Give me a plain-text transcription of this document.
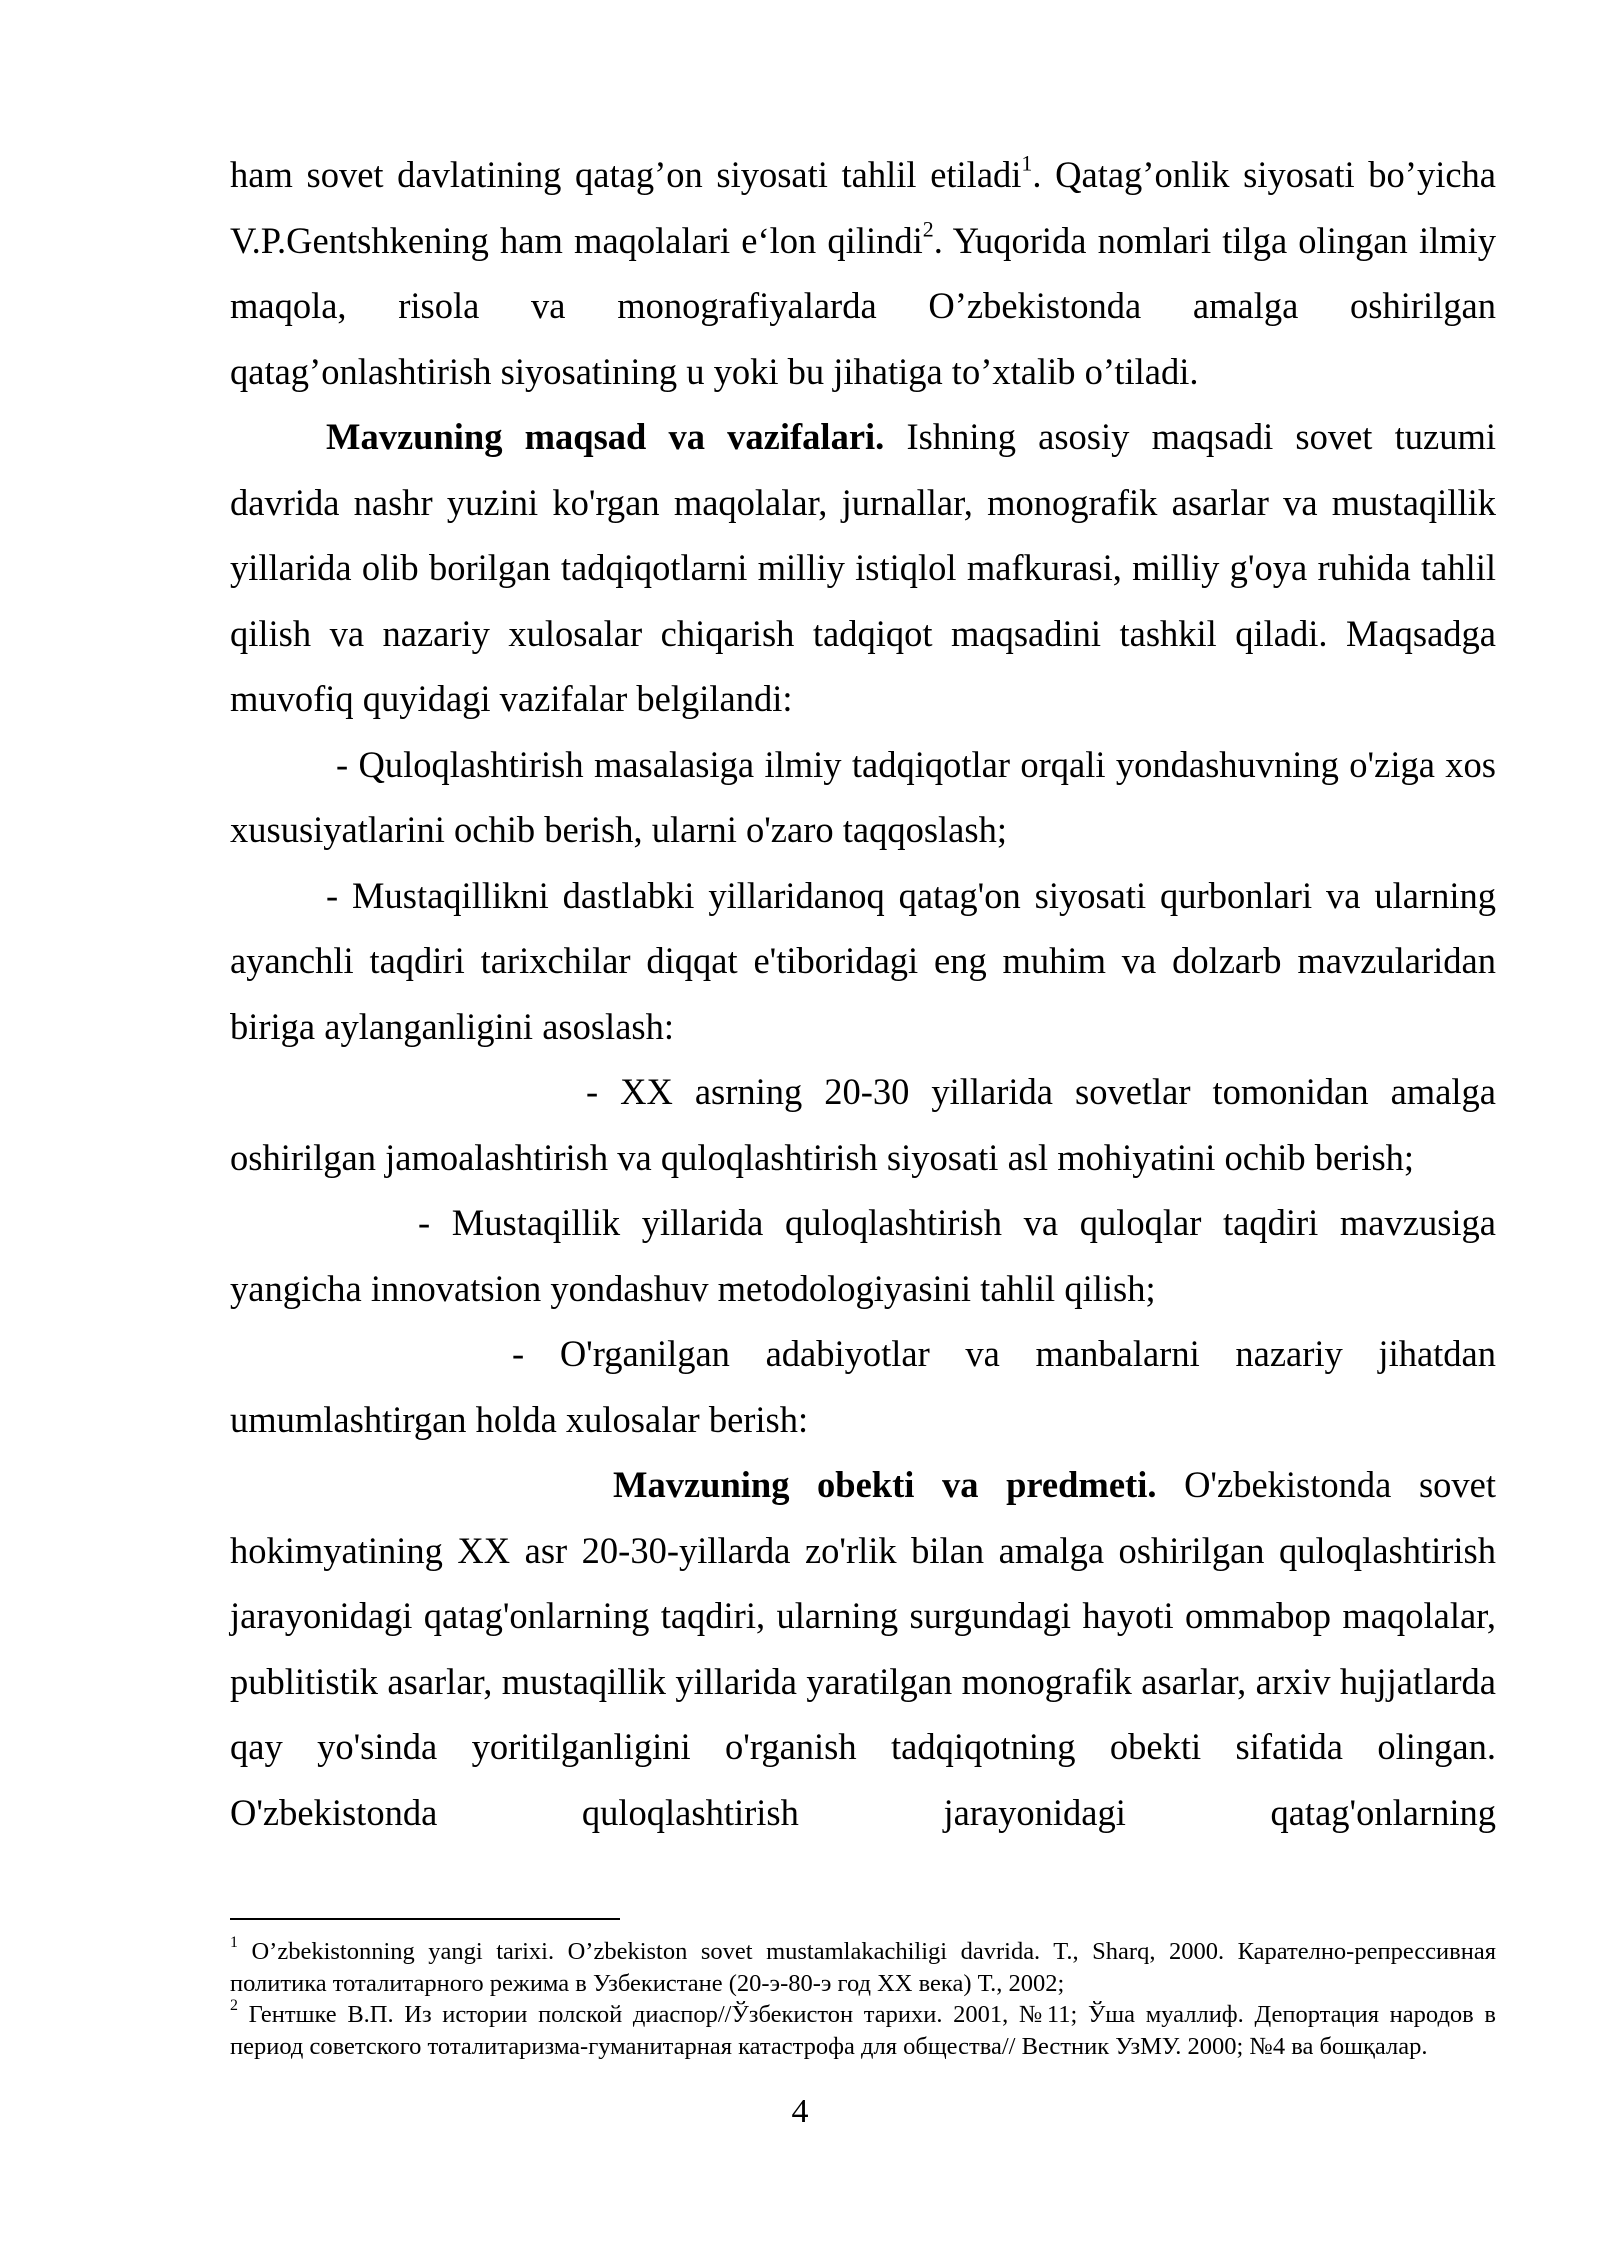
ham sovet davlatining qatag’on siyosati tahlil etiladi$^1$. Qatag’onlik siyosati bo’yicha V.P.Gentshkening ham maqolalari e‘lon qilindi$^2$. Yuqorida nomlari tilga olingan ilmiy maqola, risola va monografiyalarda O’zbekistonda amalga oshirilgan qatag’onlashtirish siyosatining u yoki bu jihatiga to’xtalib o’tiladi.

Mavzuning maqsad va vazifalari. Ishning asosiy maqsadi sovet tuzumi davrida nashr yuzini ko'rgan maqolalar, jurnallar, monografik asarlar va mustaqillik yillarida olib borilgan tadqiqotlarni milliy istiqlol mafkurasi, milliy g'oya ruhida tahlil qilish va nazariy xulosalar chiqarish tadqiqot maqsadini tashkil qiladi. Maqsadga muvofiq quyidagi vazifalar belgilandi:

- Quloqlashtirish masalasiga ilmiy tadqiqotlar orqali yondashuvning o'ziga xos xususiyatlarini ochib berish, ularni o'zaro taqqoslash;

- Mustaqillikni dastlabki yillaridanoq qatag'on siyosati qurbonlari va ularning ayanchli taqdiri tarixchilar diqqat e'tiboridagi eng muhim va dolzarb mavzularidan biriga aylanganligini asoslash:

- XX asrning 20-30 yillarida sovetlar tomonidan amalga oshirilgan jamoalashtirish va quloqlashtirish siyosati asl mohiyatini ochib berish;

- Mustaqillik yillarida quloqlashtirish va quloqlar taqdiri mavzusiga yangicha innovatsion yondashuv metodologiyasini tahlil qilish;

- O'rganilgan adabiyotlar va manbalarni nazariy jihatdan umumlashtirgan holda xulosalar berish:

Mavzuning obekti va predmeti. O'zbekistonda sovet hokimyatining XX asr 20-30-yillarda zo'rlik bilan amalga oshirilgan quloqlashtirish jarayonidagi qatag'onlarning taqdiri, ularning surgundagi hayoti ommabop maqolalar, publitistik asarlar, mustaqillik yillarida yaratilgan monografik asarlar, arxiv hujjatlarda qay yo'sinda yoritilganligini o'rganish tadqiqotning obekti sifatida olingan. O'zbekistonda quloqlashtirish jarayonidagi qatag'onlarning

$^1$ O’zbekistonning yangi tarixi. O’zbekiston sovet mustamlakachiligi davrida. T., Sharq, 2000. Карателно-репрессивная политика тоталитарного режима в Узбекистане (20-э-80-э год XX века) Т., 2002;

$^2$ Гентшке В.П. Из истории полской диаспор//Ўзбекистон тарихи. 2001, №11; Ўша муаллиф. Депортация народов в период советского тоталитаризма-гуманитарная катастрофа для общества// Вестник УзМУ. 2000; №4 ва бошқалар.

4
